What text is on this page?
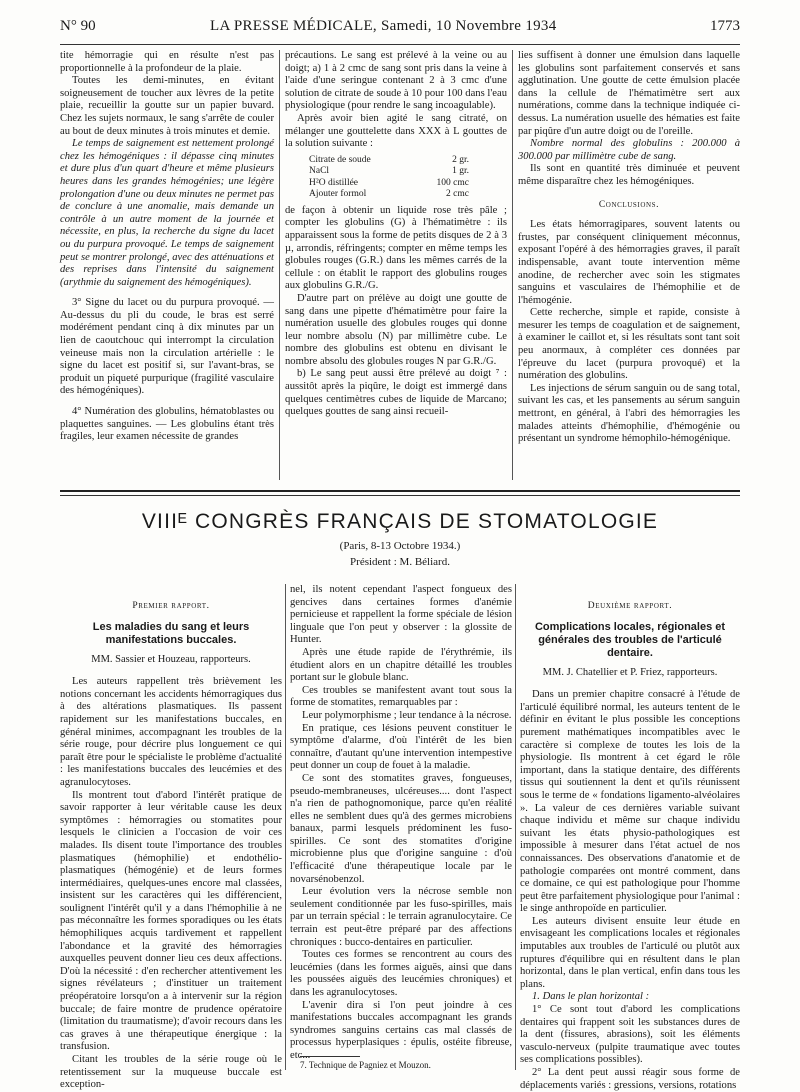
N° 90	LA PRESSE MÉDICALE, Samedi, 10 Novembre 1934	1773

tite hémorragie qui en résulte n'est pas proportionnelle à la profondeur de la plaie.

Toutes les demi-minutes, en évitant soigneusement de toucher aux lèvres de la petite plaie, recueillir la goutte sur un papier buvard. Chez les sujets normaux, le sang s'arrête de couler au bout de deux minutes à trois minutes et demie.

Le temps de saignement est nettement prolongé chez les hémogéniques : il dépasse cinq minutes et dure plus d'un quart d'heure et même plusieurs heures dans les grandes hémogénies; une légère prolongation d'une ou deux minutes ne permet pas de conclure à une anomalie, mais demande un contrôle à un autre moment de la journée et nécessite, en plus, la recherche du signe du lacet ou du purpura provoqué. Le temps de saignement peut se montrer prolongé, avec des atténuations et des reprises dans l'intensité du saignement (arythmie du saignement des hémogéniques).

3° Signe du lacet ou du purpura provoqué. — Au-dessus du pli du coude, le bras est serré modérément pendant cinq à dix minutes par un lien de caoutchouc qui interrompt la circulation veineuse mais non la circulation artérielle : le signe du lacet est positif si, sur l'avant-bras, se produit un piqueté purpurique (fragilité vasculaire des hémogéniques).

4° Numération des globulins, hématoblastes ou plaquettes sanguines. — Les globulins étant très fragiles, leur examen nécessite de grandes

précautions. Le sang est prélevé à la veine ou au doigt; a) 1 à 2 cmc de sang sont pris dans la veine à l'aide d'une seringue contenant 2 à 3 cmc d'une solution de citrate de soude à 10 pour 100 dans l'eau physiologique (pour rendre le sang incoagulable).

Après avoir bien agité le sang citraté, on mélanger une gouttelette dans XXX à L gouttes de la solution suivante :

Citrate de soude	2 gr.
NaCl	1 gr.
H²O distillée	100 cmc
Ajouter formol	2 cmc

de façon à obtenir un liquide rose très pâle ; compter les globulins (G) à l'hématimètre : ils apparaissent sous la forme de petits disques de 2 à 3 µ, arrondis, réfringents; compter en même temps les globules rouges (G.R.) dans les mêmes carrés de la cellule : on établit le rapport des globulins rouges aux globulins G.R./G.

D'autre part on prélève au doigt une goutte de sang dans une pipette d'hématimètre pour faire la numération usuelle des globules rouges qui donne leur nombre absolu (N) par millimètre cube. Le nombre des globulins est obtenu en divisant le nombre absolu des globules rouges N par G.R./G.

b) Le sang peut aussi être prélevé au doigt ⁷ : aussitôt après la piqûre, le doigt est immergé dans quelques centimètres cubes de liquide de Marcano; quelques gouttes de sang ainsi recueil-

lies suffisent à donner une émulsion dans laquelle les globulins sont parfaitement conservés et sans agglutination. Une goutte de cette émulsion placée dans la cellule de l'hématimètre sert aux numérations, comme dans la technique indiquée ci-dessus. La numération usuelle des hématies est faite par piqûre d'un autre doigt ou de l'oreille.

Nombre normal des globulins : 200.000 à 300.000 par millimètre cube de sang.

Ils sont en quantité très diminuée et peuvent même disparaître chez les hémogéniques.

Conclusions.

Les états hémorragipares, souvent latents ou frustes, par conséquent cliniquement méconnus, exposant l'opéré à des hémorragies graves, il paraît indispensable, avant toute intervention même anodine, de rechercher avec soin les stigmates sanguins et vasculaires de l'hémophilie et de l'hémogénie.

Cette recherche, simple et rapide, consiste à mesurer les temps de coagulation et de saignement, à examiner le caillot et, si les résultats sont tant soit peu anormaux, à compléter ces données par l'épreuve du lacet (purpura provoqué) et la numération des globulins.

Les injections de sérum sanguin ou de sang total, suivant les cas, et les pansements au sérum sanguin mettront, en général, à l'abri des hémorragies les malades atteints d'hémophilie, d'hémogénie ou présentant un syndrome hémophilo-hémogénique.

VIIIᴱ CONGRÈS FRANÇAIS DE STOMATOLOGIE
(Paris, 8-13 Octobre 1934.)
Président : M. Béliard.
Premier rapport.
Les maladies du sang et leurs manifestations buccales.
MM. Sassier et Houzeau, rapporteurs.

Les auteurs rappellent très brièvement les notions concernant les accidents hémorragiques dus à des altérations plasmatiques. Ils passent rapidement sur les manifestations buccales, en général minimes, accompagnant les troubles de la série rouge, pour décrire plus longuement ce qui paraît être pour le spécialiste le problème d'actualité : les manifestations buccales des leucémies et des agranulocytoses.

Ils montrent tout d'abord l'intérêt pratique de savoir rapporter à leur véritable cause les deux symptômes : hémorragies ou stomatites pour lesquels le clinicien a l'occasion de voir ces malades. Ils disent toute l'importance des troubles plasmatiques (hémophilie) et endothélio-plasmatiques (hémogénie) et de leurs formes intermédiaires, quelques-unes encore mal classées, insistent sur les caractères qui les différencient, soulignent l'intérêt qu'il y a dans l'hémophilie à ne pas méconnaître les formes sporadiques ou les états hémophiliques acquis tardivement et rappellent l'abondance et la gravité des hémorragies auxquelles peuvent donner lieu ces deux affections. D'où la nécessité : d'en rechercher attentivement les signes révélateurs ; d'instituer un traitement préopératoire lorsqu'on a à intervenir sur la région buccale; de faire montre de prudence opératoire (limitation du traumatisme); d'avoir recours dans les cas graves à une thérapeutique énergique : la transfusion.

Citant les troubles de la série rouge où le retentissement sur la muqueuse buccale est exception-

nel, ils notent cependant l'aspect fongueux des gencives dans certaines formes d'anémie pernicieuse et rappellent la forme spéciale de lésion linguale que l'on peut y observer : la glossite de Hunter.

Après une étude rapide de l'érythrémie, ils étudient alors en un chapitre détaillé les troubles portant sur le globule blanc.

Ces troubles se manifestent avant tout sous la forme de stomatites, remarquables par :

Leur polymorphisme ; leur tendance à la nécrose.

En pratique, ces lésions peuvent constituer le symptôme d'alarme, d'où l'intérêt de les bien connaître, d'autant qu'une intervention intempestive peut donner un coup de fouet à la maladie.

Ce sont des stomatites graves, fongueuses, pseudo-membraneuses, ulcéreuses.... dont l'aspect n'a rien de pathognomonique, parce qu'en réalité elles ne semblent dues qu'à des germes microbiens banaux, parmi lesquels prédominent les fuso-spirilles. Ce sont des stomatites d'origine microbienne plus que d'origine sanguine : d'où l'efficacité d'une thérapeutique locale par le novarsénobenzol.

Leur évolution vers la nécrose semble non seulement conditionnée par les fuso-spirilles, mais par un terrain spécial : le terrain agranulocytaire. Ce terrain est peut-être préparé par des affections chroniques : bucco-dentaires en particulier.

Toutes ces formes se rencontrent au cours des leucémies (dans les formes aiguës, ainsi que dans les poussées aiguës des leucémies chroniques) et dans les agranulocytoses.

L'avenir dira si l'on peut joindre à ces manifestations buccales accompagnant les grands syndromes sanguins certains cas mal classés de processus hyperplasiques : épulis, ostéite fibreuse, etc...

7. Technique de Pagniez et Mouzon.
Deuxième rapport.
Complications locales, régionales et générales des troubles de l'articulé dentaire.
MM. J. Chatellier et P. Friez, rapporteurs.

Dans un premier chapitre consacré à l'étude de l'articulé équilibré normal, les auteurs tentent de le définir en évitant le plus possible les conceptions purement mathématiques incompatibles avec le caractère si complexe de toutes les lois de la physiologie. Ils montrent à cet égard le rôle important, dans la statique dentaire, des différents tissus qui soutiennent la dent et qu'ils réunissent sous le terme de « fondations ligamento-alvéolaires ». La valeur de ces dernières variable suivant chaque individu et même sur chaque individu suivant les états physio-pathologiques est impossible à mesurer dans l'état actuel de nos connaissances. Des observations d'anatomie et de pathologie comparées ont montré comment, dans ce domaine, ce qui est pathologique pour l'homme peut être parfaitement physiologique pour l'animal : le singe anthropoïde en particulier.

Les auteurs divisent ensuite leur étude en envisageant les complications locales et régionales imputables aux troubles de l'articulé ou plutôt aux ruptures d'équilibre qui en résultent dans le plan horizontal, dans le plan vertical, enfin dans tous les plans.

1. Dans le plan horizontal :

1° Ce sont tout d'abord les complications dentaires qui frappent soit les substances dures de la dent (fissures, abrasions), soit les éléments vasculo-nerveux (pulpite traumatique avec toutes ses complications possibles).

2° La dent peut aussi réagir sous forme de déplacements variés : gressions, versions, rotations
